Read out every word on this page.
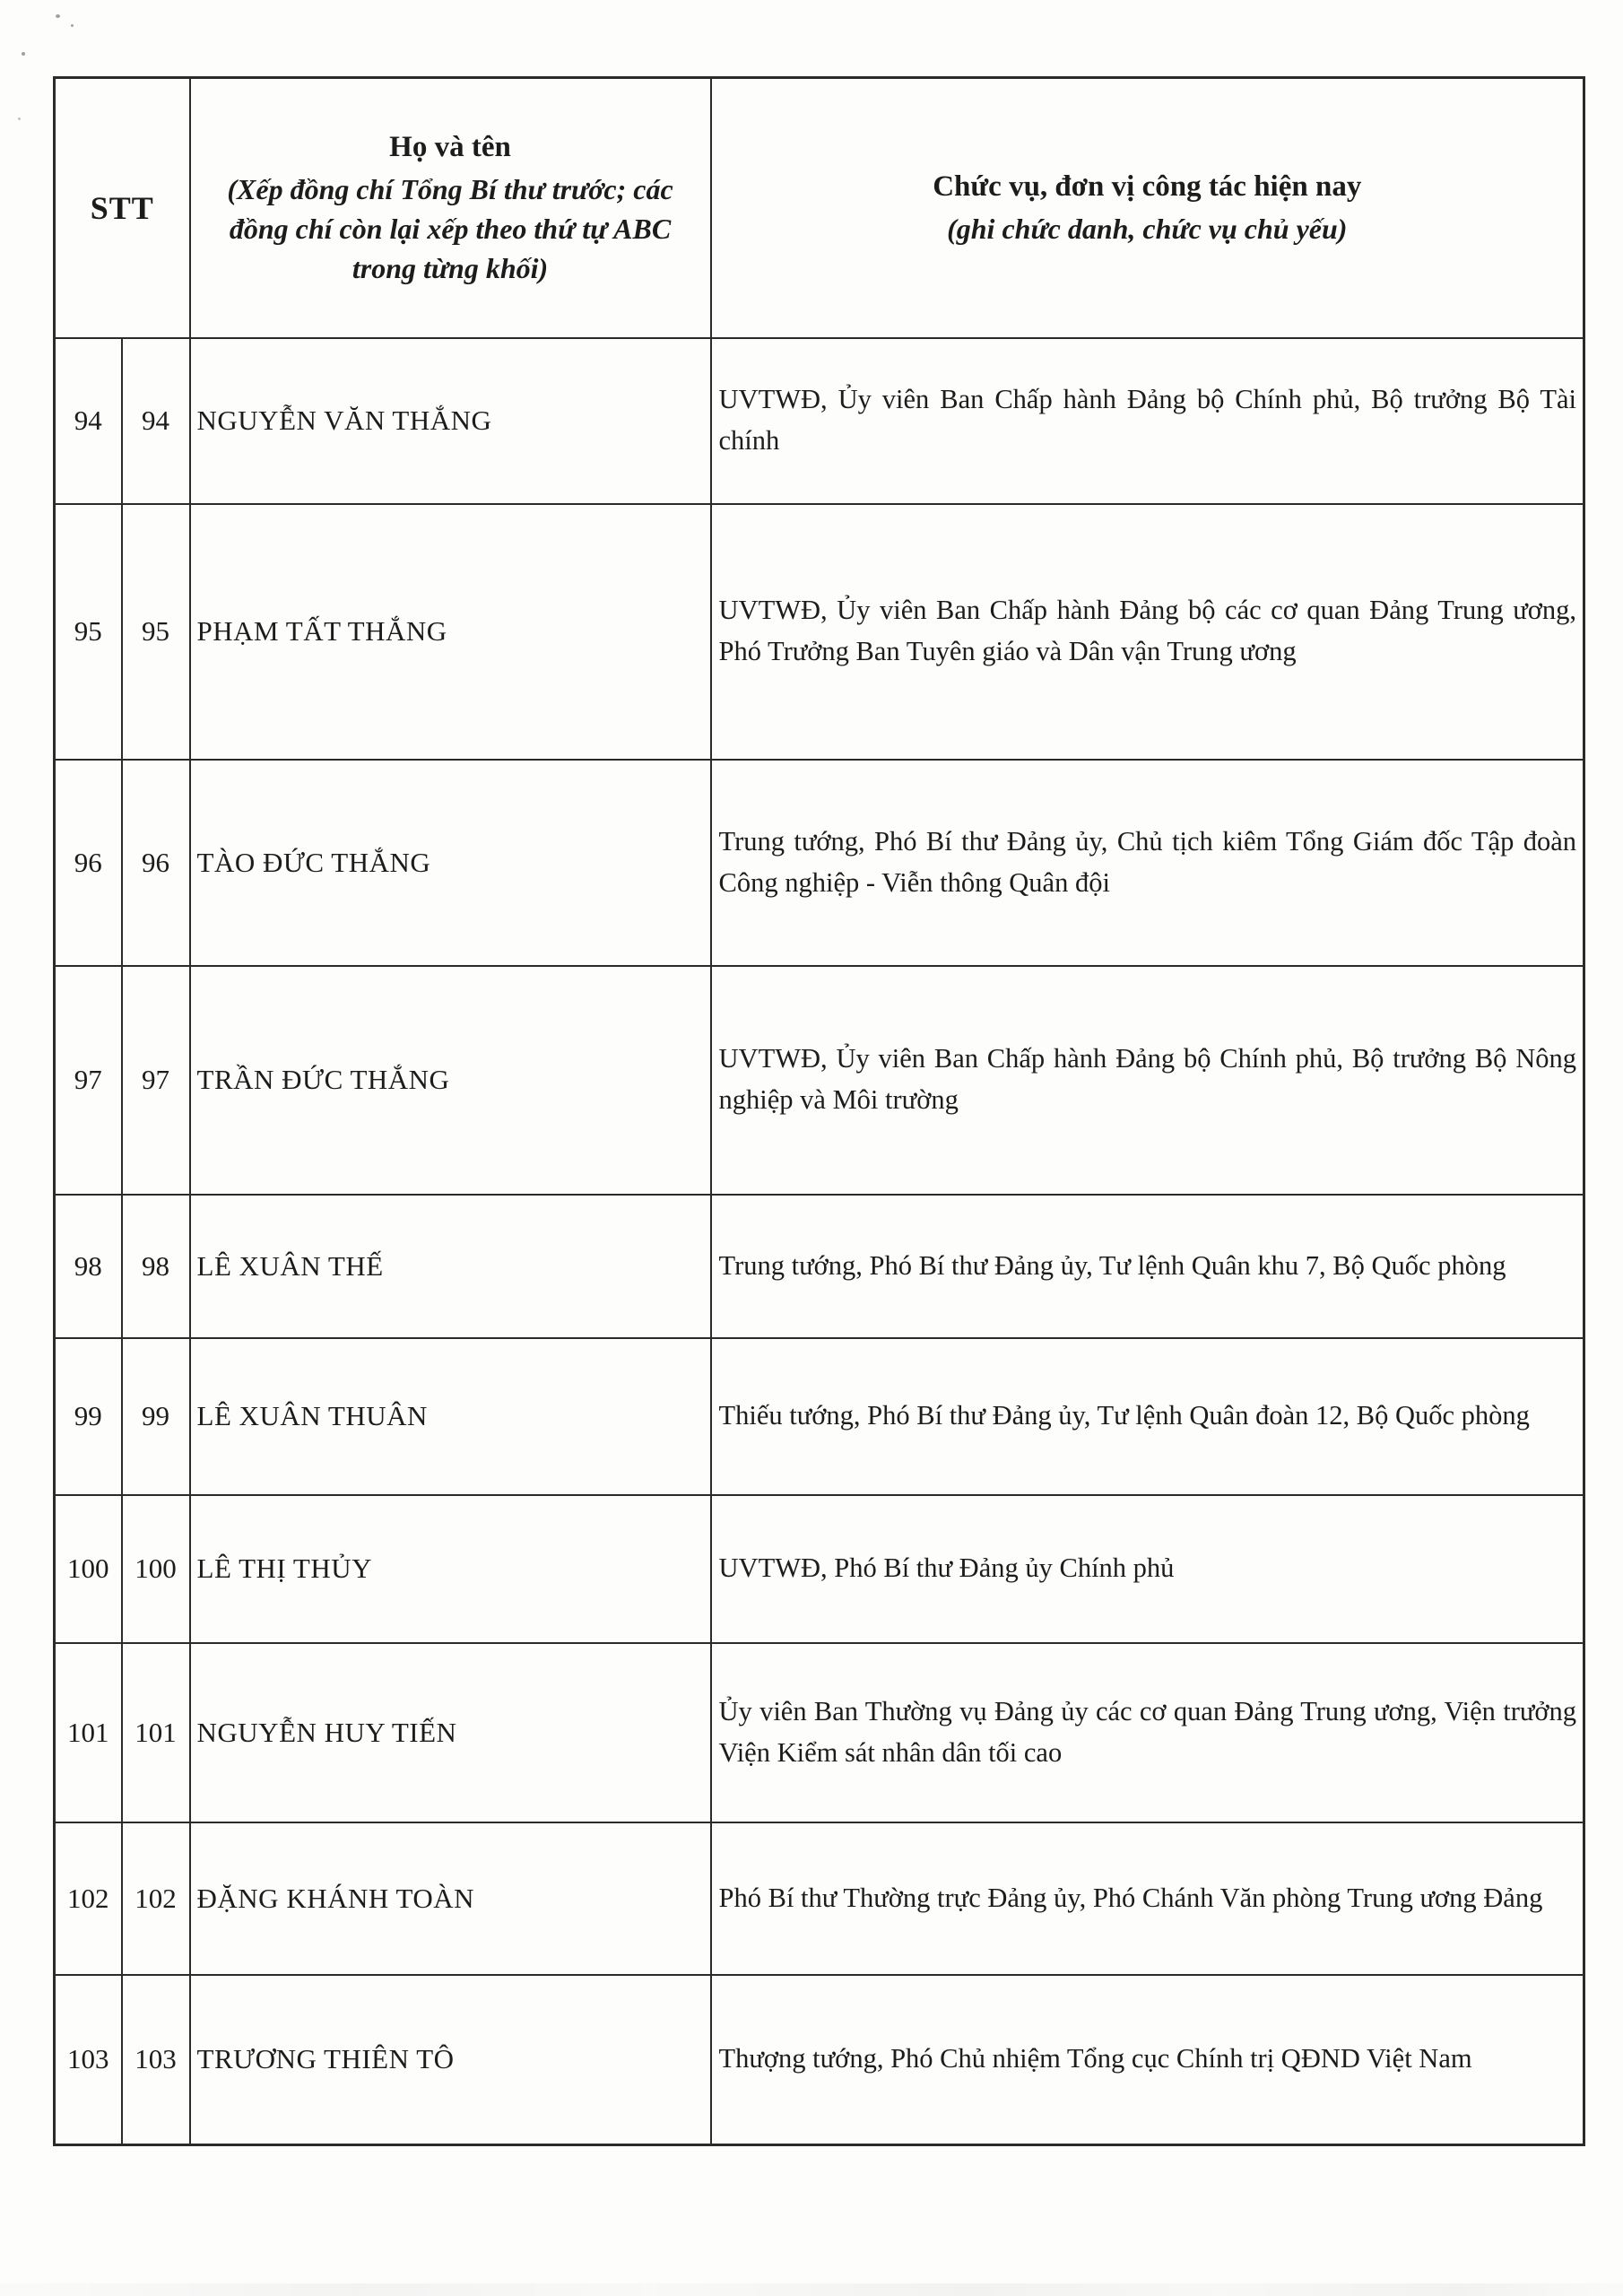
STT	
Họ và tên
(Xếp đồng chí Tổng Bí thư trước; các đồng chí còn lại xếp theo thứ tự ABC trong từng khối)

Chức vụ, đơn vị công tác hiện nay
(ghi chức danh, chức vụ chủ yếu)

94	94	NGUYỄN VĂN THẮNG	UVTWĐ, Ủy viên Ban Chấp hành Đảng bộ Chính phủ, Bộ trưởng Bộ Tài chính
95	95	PHẠM TẤT THẮNG	UVTWĐ, Ủy viên Ban Chấp hành Đảng bộ các cơ quan Đảng Trung ương, Phó Trưởng Ban Tuyên giáo và Dân vận Trung ương
96	96	TÀO ĐỨC THẮNG	Trung tướng, Phó Bí thư Đảng ủy, Chủ tịch kiêm Tổng Giám đốc Tập đoàn Công nghiệp - Viễn thông Quân đội
97	97	TRẦN ĐỨC THẮNG	UVTWĐ, Ủy viên Ban Chấp hành Đảng bộ Chính phủ, Bộ trưởng Bộ Nông nghiệp và Môi trường
98	98	LÊ XUÂN THẾ	Trung tướng, Phó Bí thư Đảng ủy, Tư lệnh Quân khu 7, Bộ Quốc phòng
99	99	LÊ XUÂN THUÂN	Thiếu tướng, Phó Bí thư Đảng ủy, Tư lệnh Quân đoàn 12, Bộ Quốc phòng
100	100	LÊ THỊ THỦY	UVTWĐ, Phó Bí thư Đảng ủy Chính phủ
101	101	NGUYỄN HUY TIẾN	Ủy viên Ban Thường vụ Đảng ủy các cơ quan Đảng Trung ương, Viện trưởng Viện Kiểm sát nhân dân tối cao
102	102	ĐẶNG KHÁNH TOÀN	Phó Bí thư Thường trực Đảng ủy, Phó Chánh Văn phòng Trung ương Đảng
103	103	TRƯƠNG THIÊN TÔ	Thượng tướng, Phó Chủ nhiệm Tổng cục Chính trị QĐND Việt Nam
